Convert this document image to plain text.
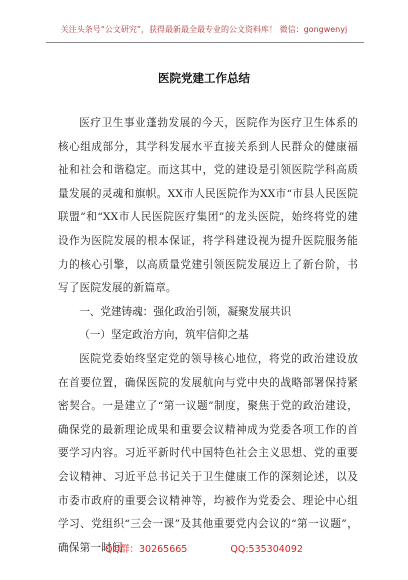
关注头条号“公文研究”，获得最新最全最专业的公文资料库！ 微信：gongwenyj
医院党建工作总结

医疗卫生事业蓬勃发展的今天，医院作为医疗卫生体系的核心组成部分，其学科发展水平直接关系到人民群众的健康福祉和社会和谐稳定。而这其中，党的建设是引领医院学科高质量发展的灵魂和旗帜。XX市人民医院作为XX市“市县人民医院联盟”和“XX市人民医院医疗集团”的龙头医院，始终将党的建设作为医院发展的根本保证，将学科建设视为提升医院服务能力的核心引擎，以高质量党建引领医院发展迈上了新台阶，书写了医院发展的新篇章。

一、党建铸魂：强化政治引领，凝聚发展共识

（一）坚定政治方向，筑牢信仰之基

医院党委始终坚定党的领导核心地位，将党的政治建设放在首要位置，确保医院的发展航向与党中央的战略部署保持紧密契合。一是建立了“第一议题”制度，聚焦于党的政治建设，确保党的最新理论成果和重要会议精神成为党委各项工作的首要学习内容。习近平新时代中国特色社会主义思想、党的重要会议精神、习近平总书记关于卫生健康工作的深刻论述，以及市委市政府的重要会议精神等，均被作为党委会、理论中心组学习、党组织“三会一课”及其他重要党内会议的“第一议题”，确保第一时间

QQ群：30265665	QQ:535304092
